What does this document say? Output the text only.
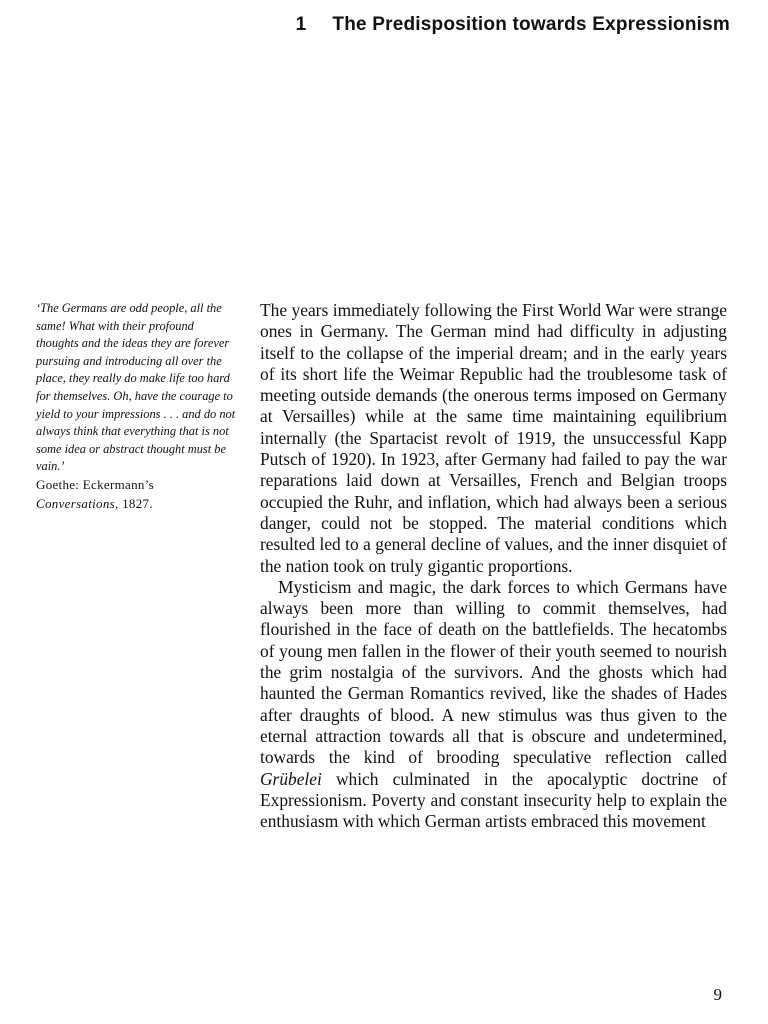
1 The Predisposition towards Expressionism

‘The Germans are odd people, all the same! What with their profound thoughts and the ideas they are forever pursuing and introducing all over the place, they really do make life too hard for themselves. Oh, have the courage to yield to your impressions . . . and do not always think that everything that is not some idea or abstract thought must be vain.’

Goethe: Eckermann’s
Conversations, 1827.

The years immediately following the First World War were strange ones in Germany. The German mind had difficulty in adjusting itself to the collapse of the imperial dream; and in the early years of its short life the Weimar Republic had the troublesome task of meeting outside demands (the onerous terms imposed on Germany at Versailles) while at the same time maintaining equilibrium internally (the Spartacist revolt of 1919, the unsuccessful Kapp Putsch of 1920). In 1923, after Germany had failed to pay the war reparations laid down at Versailles, French and Belgian troops occupied the Ruhr, and inflation, which had always been a serious danger, could not be stopped. The material conditions which resulted led to a general decline of values, and the inner disquiet of the nation took on truly gigantic proportions.

Mysticism and magic, the dark forces to which Germans have always been more than willing to commit themselves, had flourished in the face of death on the battlefields. The hecatombs of young men fallen in the flower of their youth seemed to nourish the grim nostalgia of the survivors. And the ghosts which had haunted the German Romantics revived, like the shades of Hades after draughts of blood. A new stimulus was thus given to the eternal attraction towards all that is obscure and undetermined, towards the kind of brooding speculative reflection called Grübelei which culminated in the apocalyptic doctrine of Expressionism. Poverty and constant insecurity help to explain the enthusiasm with which German artists embraced this movement

9
